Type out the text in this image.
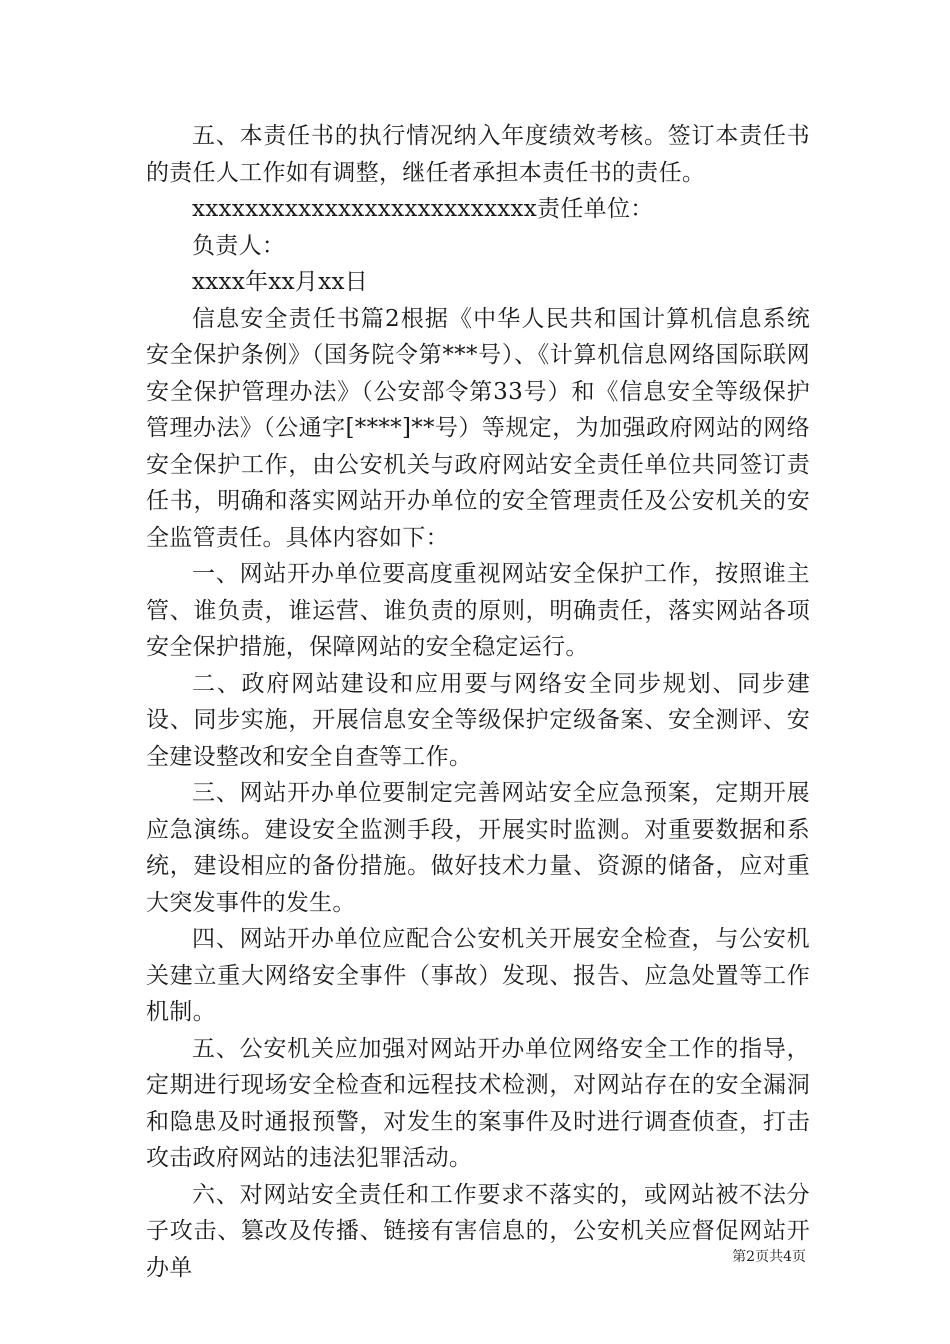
五、本责任书的执行情况纳入年度绩效考核。签订本责任书的责任人工作如有调整，继任者承担本责任书的责任。

xxxxxxxxxxxxxxxxxxxxxxxxxx责任单位：

负责人：

xxxx年xx月xx日

信息安全责任书篇2根据《中华人民共和国计算机信息系统安全保护条例》（国务院令第***号）、《计算机信息网络国际联网安全保护管理办法》（公安部令第33号）和《信息安全等级保护管理办法》（公通字[****]**号）等规定，为加强政府网站的网络安全保护工作，由公安机关与政府网站安全责任单位共同签订责任书，明确和落实网站开办单位的安全管理责任及公安机关的安全监管责任。具体内容如下：

一、网站开办单位要高度重视网站安全保护工作，按照谁主管、谁负责，谁运营、谁负责的原则，明确责任，落实网站各项安全保护措施，保障网站的安全稳定运行。

二、政府网站建设和应用要与网络安全同步规划、同步建设、同步实施，开展信息安全等级保护定级备案、安全测评、安全建设整改和安全自查等工作。

三、网站开办单位要制定完善网站安全应急预案，定期开展应急演练。建设安全监测手段，开展实时监测。对重要数据和系统，建设相应的备份措施。做好技术力量、资源的储备，应对重大突发事件的发生。

四、网站开办单位应配合公安机关开展安全检查，与公安机关建立重大网络安全事件（事故）发现、报告、应急处置等工作机制。

五、公安机关应加强对网站开办单位网络安全工作的指导，定期进行现场安全检查和远程技术检测，对网站存在的安全漏洞和隐患及时通报预警，对发生的案事件及时进行调查侦查，打击攻击政府网站的违法犯罪活动。

六、对网站安全责任和工作要求不落实的，或网站被不法分子攻击、篡改及传播、链接有害信息的，公安机关应督促网站开办单	第2页共4页
